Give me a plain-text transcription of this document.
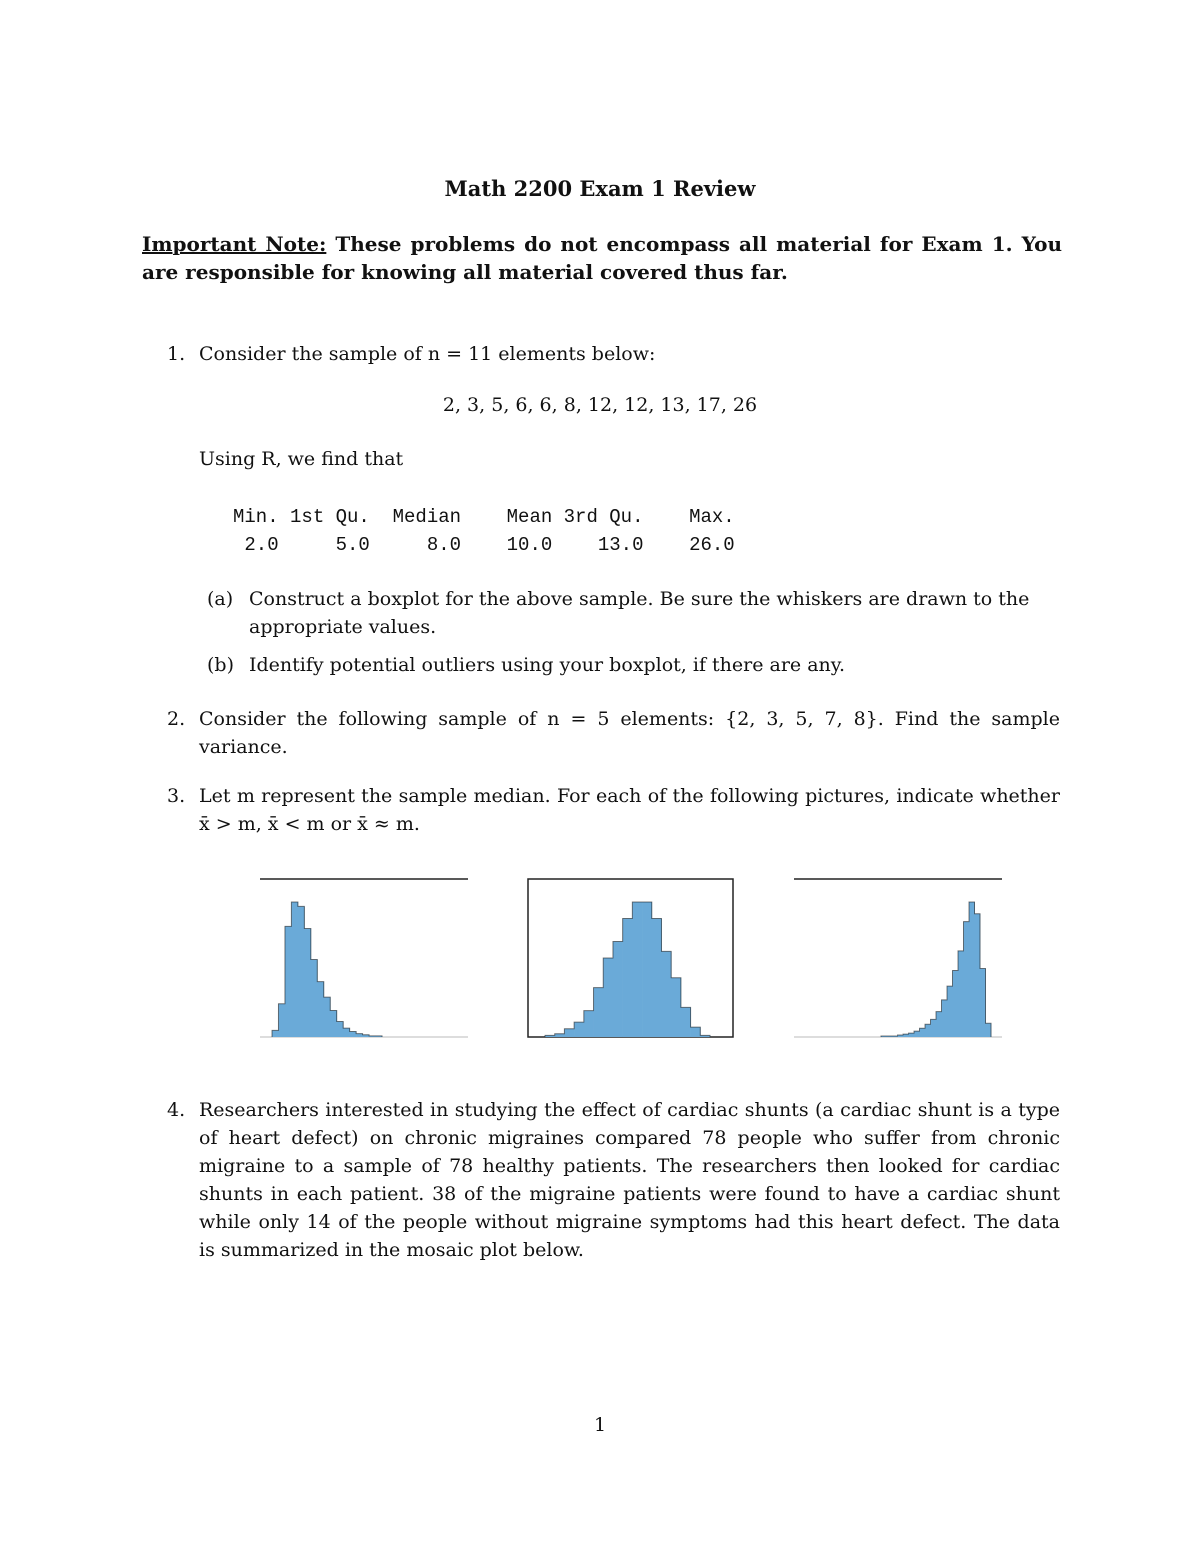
Math 2200 Exam 1 Review
Important Note: These problems do not encompass all material for Exam 1. You are responsible for knowing all material covered thus far.
1. Consider the sample of n = 11 elements below:
2, 3, 5, 6, 6, 8, 12, 12, 13, 17, 26
Using R, we find that
Min. 1st Qu.  Median    Mean 3rd Qu.    Max.
2.0     5.0     8.0    10.0    13.0    26.0
(a) Construct a boxplot for the above sample. Be sure the whiskers are drawn to the appropriate values.
(b) Identify potential outliers using your boxplot, if there are any.
2. Consider the following sample of n = 5 elements: {2, 3, 5, 7, 8}. Find the sample variance.
3. Let m represent the sample median. For each of the following pictures, indicate whether x̄ > m, x̄ < m or x̄ ≈ m.
4. Researchers interested in studying the effect of cardiac shunts (a cardiac shunt is a type of heart defect) on chronic migraines compared 78 people who suffer from chronic migraine to a sample of 78 healthy patients. The researchers then looked for cardiac shunts in each patient. 38 of the migraine patients were found to have a cardiac shunt while only 14 of the people without migraine symptoms had this heart defect. The data is summarized in the mosaic plot below.
1
